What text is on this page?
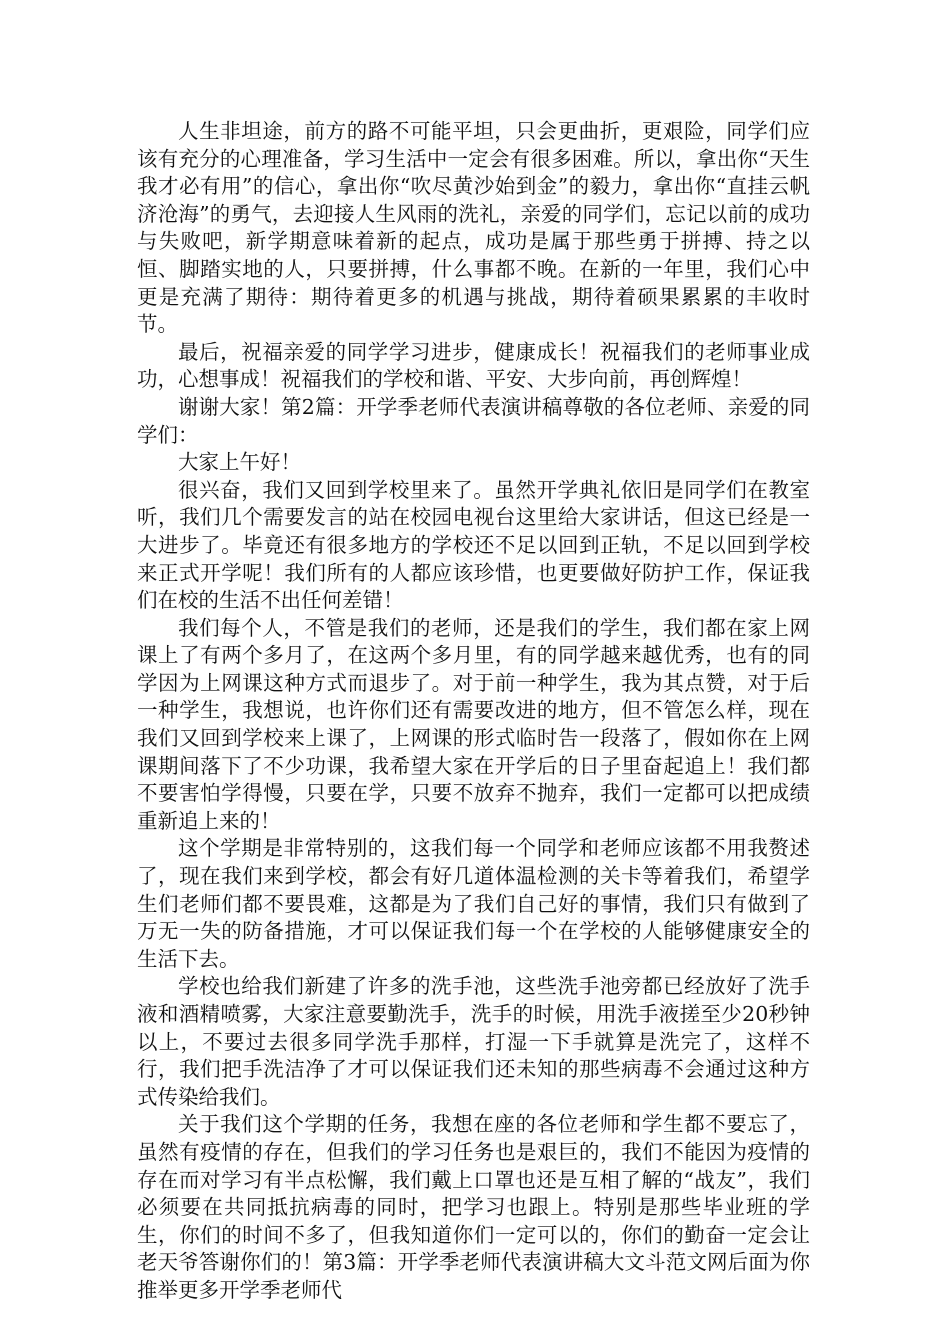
人生非坦途，前方的路不可能平坦，只会更曲折，更艰险，同学们应该有充分的心理准备，学习生活中一定会有很多困难。所以，拿出你“天生我才必有用”的信心，拿出你“吹尽黄沙始到金”的毅力，拿出你“直挂云帆济沧海”的勇气，去迎接人生风雨的洗礼，亲爱的同学们，忘记以前的成功与失败吧，新学期意味着新的起点，成功是属于那些勇于拼搏、持之以恒、脚踏实地的人，只要拼搏，什么事都不晚。在新的一年里，我们心中更是充满了期待：期待着更多的机遇与挑战，期待着硕果累累的丰收时节。

最后，祝福亲爱的同学学习进步，健康成长！祝福我们的老师事业成功，心想事成！祝福我们的学校和谐、平安、大步向前，再创辉煌！

谢谢大家！第2篇：开学季老师代表演讲稿尊敬的各位老师、亲爱的同学们：

大家上午好！

很兴奋，我们又回到学校里来了。虽然开学典礼依旧是同学们在教室听，我们几个需要发言的站在校园电视台这里给大家讲话，但这已经是一大进步了。毕竟还有很多地方的学校还不足以回到正轨，不足以回到学校来正式开学呢！我们所有的人都应该珍惜，也更要做好防护工作，保证我们在校的生活不出任何差错！

我们每个人，不管是我们的老师，还是我们的学生，我们都在家上网课上了有两个多月了，在这两个多月里，有的同学越来越优秀，也有的同学因为上网课这种方式而退步了。对于前一种学生，我为其点赞，对于后一种学生，我想说，也许你们还有需要改进的地方，但不管怎么样，现在我们又回到学校来上课了，上网课的形式临时告一段落了，假如你在上网课期间落下了不少功课，我希望大家在开学后的日子里奋起追上！我们都不要害怕学得慢，只要在学，只要不放弃不抛弃，我们一定都可以把成绩重新追上来的！

这个学期是非常特别的，这我们每一个同学和老师应该都不用我赘述了，现在我们来到学校，都会有好几道体温检测的关卡等着我们，希望学生们老师们都不要畏难，这都是为了我们自己好的事情，我们只有做到了万无一失的防备措施，才可以保证我们每一个在学校的人能够健康安全的生活下去。

学校也给我们新建了许多的洗手池，这些洗手池旁都已经放好了洗手液和酒精喷雾，大家注意要勤洗手，洗手的时候，用洗手液搓至少20秒钟以上，不要过去很多同学洗手那样，打湿一下手就算是洗完了，这样不行，我们把手洗洁净了才可以保证我们还未知的那些病毒不会通过这种方式传染给我们。

关于我们这个学期的任务，我想在座的各位老师和学生都不要忘了，虽然有疫情的存在，但我们的学习任务也是艰巨的，我们不能因为疫情的存在而对学习有半点松懈，我们戴上口罩也还是互相了解的“战友”，我们必须要在共同抵抗病毒的同时，把学习也跟上。特别是那些毕业班的学生，你们的时间不多了，但我知道你们一定可以的，你们的勤奋一定会让老天爷答谢你们的！第3篇：开学季老师代表演讲稿大文斗范文网后面为你推举更多开学季老师代
